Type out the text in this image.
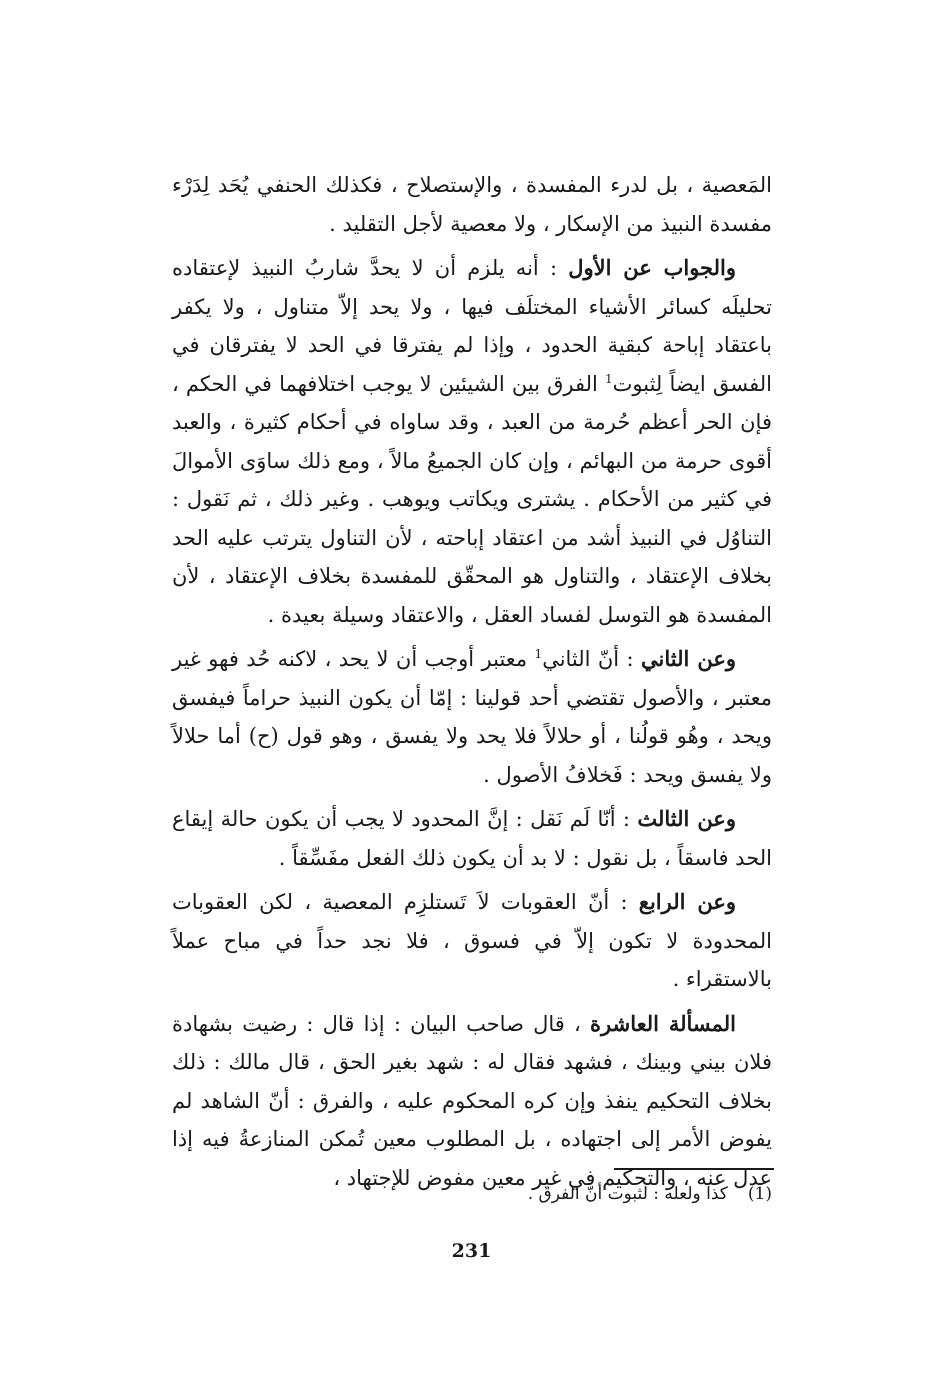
المَعصية ، بل لدرء المفسدة ، والإستصلاح ، فكذلك الحنفي يُحَد لِدَرْء مفسدة النبيذ من الإسكار ، ولا معصية لأجل التقليد .

والجواب عن الأول : أنه يلزم أن لا يحدَّ شاربُ النبيذ لإعتقاده تحليلَه كسائر الأشياء المختلَف فيها ، ولا يحد إلاّ متناول ، ولا يكفر باعتقاد إباحة كبقية الحدود ، وإذا لم يفترقا في الحد لا يفترقان في الفسق ايضاً لِثبوت$^1$ الفرق بين الشيئين لا يوجب اختلافهما في الحكم ، فإن الحر أعظم حُرمة من العبد ، وقد ساواه في أحكام كثيرة ، والعبد أقوى حرمة من البهائم ، وإن كان الجميعُ مالاً ، ومع ذلك ساوَى الأموالَ في كثير من الأحكام . يشترى ويكاتب ويوهب . وغير ذلك ، ثم نَقول : التناوُل في النبيذ أشد من اعتقاد إباحته ، لأن التناول يترتب عليه الحد بخلاف الإعتقاد ، والتناول هو المحقّق للمفسدة بخلاف الإعتقاد ، لأن المفسدة هو التوسل لفساد العقل ، والاعتقاد وسيلة بعيدة .

وعن الثاني : أنّ الثاني$^1$ معتبر أوجب أن لا يحد ، لاكنه حُد فهو غير معتبر ، والأصول تقتضي أحد قولينا : إمّا أن يكون النبيذ حراماً فيفسق ويحد ، وهُو قولُنا ، أو حلالاً فلا يحد ولا يفسق ، وهو قول (ح) أما حلالاً ولا يفسق ويحد : فَخلافُ الأصول .

وعن الثالث : أنّا لَم نَقل : إنَّ المحدود لا يجب أن يكون حالة إيقاع الحد فاسقاً ، بل نقول : لا بد أن يكون ذلك الفعل مفَسِّقاً .

وعن الرابع : أنّ العقوبات لاَ تَستلزِم المعصية ، لكن العقوبات المحدودة لا تكون إلاّ في فسوق ، فلا نجد حداً في مباح عملاً بالاستقراء .

المسألة العاشرة ، قال صاحب البيان : إذا قال : رضيت بشهادة فلان بيني وبينك ، فشهد فقال له : شهد بغير الحق ، قال مالك : ذلك بخلاف التحكيم ينفذ وإن كره المحكوم عليه ، والفرق : أنّ الشاهد لم يفوض الأمر إلى اجتهاده ، بل المطلوب معين تُمكن المنازعةُ فيه إذا عدل عنه ، والتحكيم في غير معين مفوض للإجتهاد ،

(1)كذا ولعله : لثبوت أنّ الفرق .
231
